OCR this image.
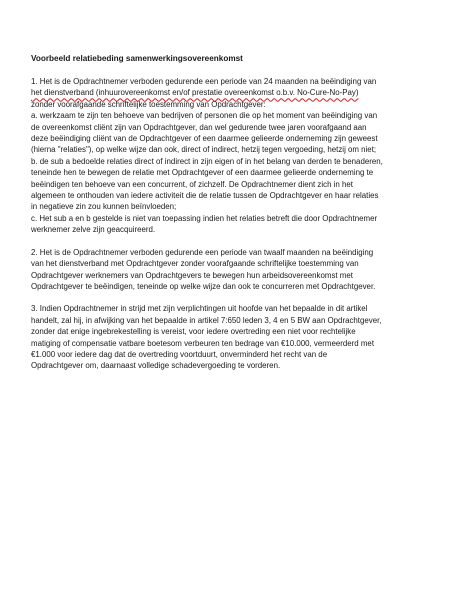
Voorbeeld relatiebeding samenwerkingsovereenkomst
1. Het is de Opdrachtnemer verboden gedurende een periode van 24 maanden na beëindiging van
het dienstverband (inhuurovereenkomst en/of prestatie overeenkomst o.b.v. No-Cure-No-Pay)
zonder voorafgaande schriftelijke toestemming van Opdrachtgever:
a. werkzaam te zijn ten behoeve van bedrijven of personen die op het moment van beëindiging van
de overeenkomst cliënt zijn van Opdrachtgever, dan wel gedurende twee jaren voorafgaand aan
deze beëindiging cliënt van de Opdrachtgever of een daarmee gelieerde onderneming zijn geweest
(hierna "relaties"), op welke wijze dan ook, direct of indirect, hetzij tegen vergoeding, hetzij om niet;
b. de sub a bedoelde relaties direct of indirect in zijn eigen of in het belang van derden te benaderen,
teneinde hen te bewegen de relatie met Opdrachtgever of een daarmee gelieerde onderneming te
beëindigen ten behoeve van een concurrent, of zichzelf. De Opdrachtnemer dient zich in het
algemeen te onthouden van iedere activiteit die de relatie tussen de Opdrachtgever en haar relaties
in negatieve zin zou kunnen beïnvloeden;
c. Het sub a en b gestelde is niet van toepassing indien het relaties betreft die door Opdrachtnemer
werknemer zelve zijn geacquireerd.
2. Het is de Opdrachtnemer verboden gedurende een periode van twaalf maanden na beëindiging
van het dienstverband met Opdrachtgever zonder voorafgaande schriftelijke toestemming van
Opdrachtgever werknemers van Opdrachtgevers te bewegen hun arbeidsovereenkomst met
Opdrachtgever te beëindigen, teneinde op welke wijze dan ook te concurreren met Opdrachtgever.
3. Indien Opdrachtnemer in strijd met zijn verplichtingen uit hoofde van het bepaalde in dit artikel
handelt, zal hij, in afwijking van het bepaalde in artikel 7:650 leden 3, 4 en 5 BW aan Opdrachtgever,
zonder dat enige ingebrekestelling is vereist, voor iedere overtreding een niet voor rechtelijke
matiging of compensatie vatbare boetesom verbeuren ten bedrage van €10.000, vermeerderd met
€1.000 voor iedere dag dat de overtreding voortduurt, onverminderd het recht van de
Opdrachtgever om, daarnaast volledige schadevergoeding te vorderen.
